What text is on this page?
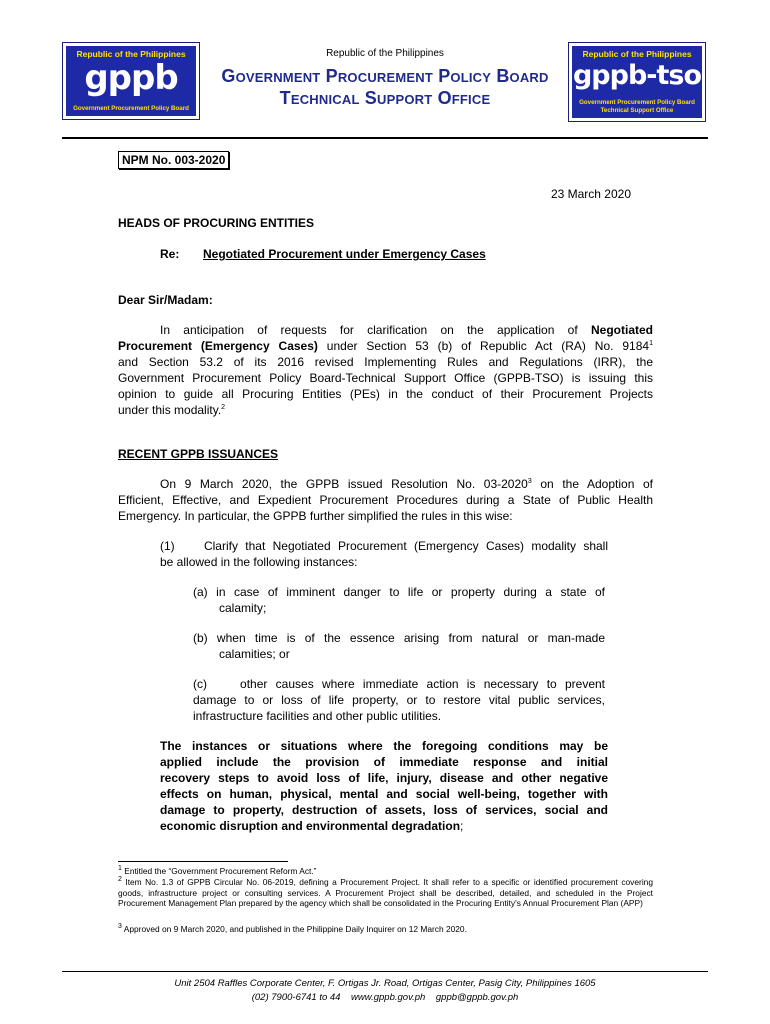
Republic of the Philippines
gppb
Government Procurement Policy Board
Republic of the Philippines
gppb-tso
Government Procurement Policy Board
Technical Support Office
Republic of the Philippines
Government Procurement Policy Board
Technical Support Office
NPM No. 003-2020
23 March 2020
HEADS OF PROCURING ENTITIES
Re: Negotiated Procurement under Emergency Cases
Dear Sir/Madam:
In anticipation of requests for clarification on the application of Negotiated
Procurement (Emergency Cases) under Section 53 (b) of Republic Act (RA) No. 9184$^1$
and Section 53.2 of its 2016 revised Implementing Rules and Regulations (IRR), the
Government Procurement Policy Board-Technical Support Office (GPPB-TSO) is issuing this
opinion to guide all Procuring Entities (PEs) in the conduct of their Procurement Projects
under this modality.$^2$
RECENT GPPB ISSUANCES
On 9 March 2020, the GPPB issued Resolution No. 03-2020$^3$ on the Adoption of
Efficient, Effective, and Expedient Procurement Procedures during a State of Public Health
Emergency. In particular, the GPPB further simplified the rules in this wise:
(1)    Clarify that Negotiated Procurement (Emergency Cases) modality shall
be allowed in the following instances:
(a) in case of imminent danger to life or property during a state of
calamity;
(b) when time is of the essence arising from natural or man-made
calamities; or
(c)    other causes where immediate action is necessary to prevent
damage to or loss of life property, or to restore vital public services,
infrastructure facilities and other public utilities.
The instances or situations where the foregoing conditions may be
applied include the provision of immediate response and initial
recovery steps to avoid loss of life, injury, disease and other negative
effects on human, physical, mental and social well-being, together with
damage to property, destruction of assets, loss of services, social and
economic disruption and environmental degradation;
$^1$ Entitled the “Government Procurement Reform Act.”
$^2$ Item No. 1.3 of GPPB Circular No. 06-2019, defining a Procurement Project. It shall refer to a specific or identified procurement covering goods, infrastructure project or consulting services. A Procurement Project shall be described, detailed, and scheduled in the Project Procurement Management Plan prepared by the agency which shall be consolidated in the Procuring Entity's Annual Procurement Plan (APP)
$^3$ Approved on 9 March 2020, and published in the Philippine Daily Inquirer on 12 March 2020.
Unit 2504 Raffles Corporate Center, F. Ortigas Jr. Road, Ortigas Center, Pasig City, Philippines 1605
(02) 7900-6741 to 44 www.gppb.gov.ph gppb@gppb.gov.ph
